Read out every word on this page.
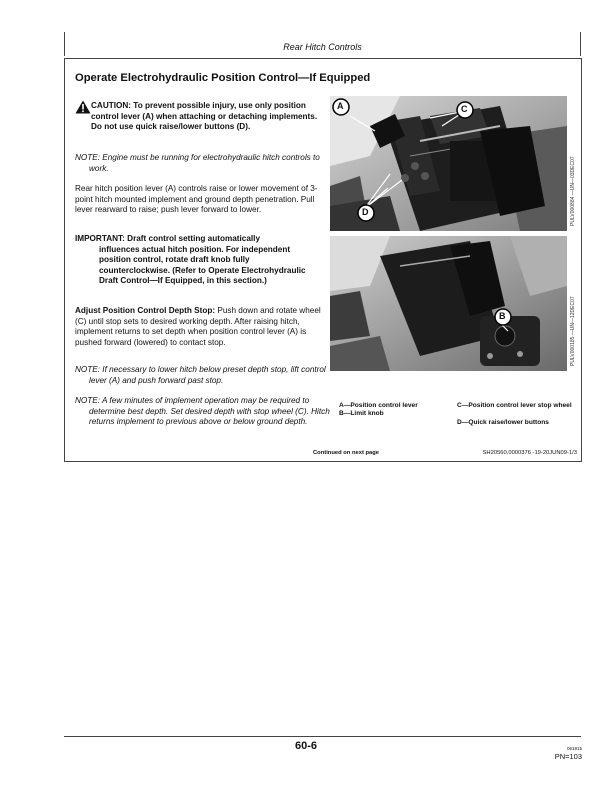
Rear Hitch Controls
Operate Electrohydraulic Position Control—If Equipped
CAUTION: To prevent possible injury, use only position control lever (A) when attaching or detaching implements. Do not use quick raise/lower buttons (D).
NOTE: Engine must be running for electrohydraulic hitch controls to work.
Rear hitch position lever (A) controls raise or lower movement of 3-point hitch mounted implement and ground depth penetration. Pull lever rearward to raise; push lever forward to lower.
IMPORTANT: Draft control setting automatically
influences actual hitch position. For independent position control, rotate draft knob fully counterclockwise. (Refer to Operate Electrohydraulic Draft Control—If Equipped, in this section.)
Adjust Position Control Depth Stop: Push down and rotate wheel (C) until stop sets to desired working depth. After raising hitch, implement returns to set depth when position control lever (A) is pushed forward (lowered) to contact stop.
NOTE: If necessary to lower hitch below preset depth stop, lift control lever (A) and push forward past stop.
NOTE: A few minutes of implement operation may be required to determine best depth. Set desired depth with stop wheel (C). Hitch returns implement to previous above or below ground depth.
A	C
D	PULV000884 —UN—03DEC07
B	PULV000185 —UN—12DEC07
A—Position control lever
B—Limit knob
C—Position control lever stop wheel
D—Quick raise/lower buttons
Continued on next page	SH20560,0000376 -19-20JUN09-1/3
60-6	061915
PN=103
